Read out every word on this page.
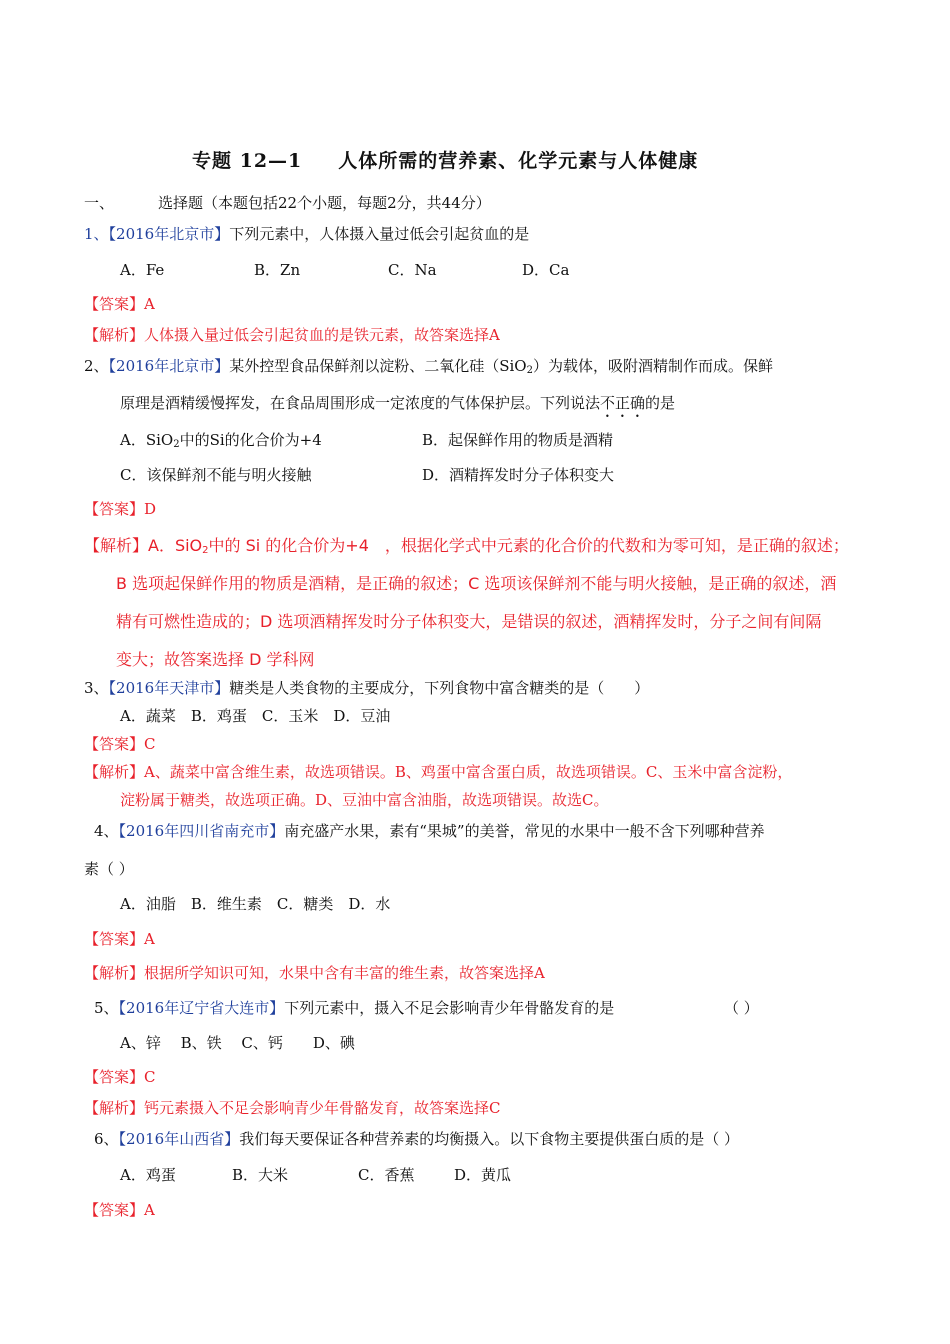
专题 12—1 人体所需的营养素、化学元素与人体健康
一、	选择题（本题包括22个小题，每题2分，共44分）
1、【2016年北京市】下列元素中，人体摄入量过低会引起贫血的是
A．Fe	B．Zn	C．Na	D．Ca
【答案】A
【解析】人体摄入量过低会引起贫血的是铁元素，故答案选择A
2、【2016年北京市】某外控型食品保鲜剂以淀粉、二氧化硅（SiO$_2$）为载体，吸附酒精制作而成。保鲜
原理是酒精缓慢挥发，在食品周围形成一定浓度的气体保护层。下列说法不正确的是
A．SiO$_2$中的Si的化合价为+4	B．起保鲜作用的物质是酒精
C．该保鲜剂不能与明火接触	D．酒精挥发时分子体积变大
【答案】D
【解析】A．SiO$_2$中的 Si 的化合价为+4　，根据化学式中元素的化合价的代数和为零可知，是正确的叙述；
B 选项起保鲜作用的物质是酒精，是正确的叙述；C 选项该保鲜剂不能与明火接触，是正确的叙述，酒
精有可燃性造成的；D 选项酒精挥发时分子体积变大，是错误的叙述，酒精挥发时，分子之间有间隔
变大；故答案选择 D 学科网
3、【2016年天津市】糖类是人类食物的主要成分，下列食物中富含糖类的是（　　）
A．蔬菜　B．鸡蛋　C．玉米　D．豆油
【答案】C
【解析】A、蔬菜中富含维生素，故选项错误。B、鸡蛋中富含蛋白质，故选项错误。C、玉米中富含淀粉，
淀粉属于糖类，故选项正确。D、豆油中富含油脂，故选项错误。故选C。
4、【2016年四川省南充市】南充盛产水果，素有“果城”的美誉，常见的水果中一般不含下列哪种营养
素（ ）
A．油脂　B．维生素　C．糖类　D．水
【答案】A
【解析】根据所学知识可知，水果中含有丰富的维生素，故答案选择A
5、【2016年辽宁省大连市】下列元素中，摄入不足会影响青少年骨骼发育的是	（ ）
A、锌　 B、铁　 C、钙　　D、碘
【答案】C
【解析】钙元素摄入不足会影响青少年骨骼发育，故答案选择C
6、【2016年山西省】我们每天要保证各种营养素的均衡摄入。以下食物主要提供蛋白质的是（ ）
A．鸡蛋	B．大米	C．香蕉	D．黄瓜
【答案】A
